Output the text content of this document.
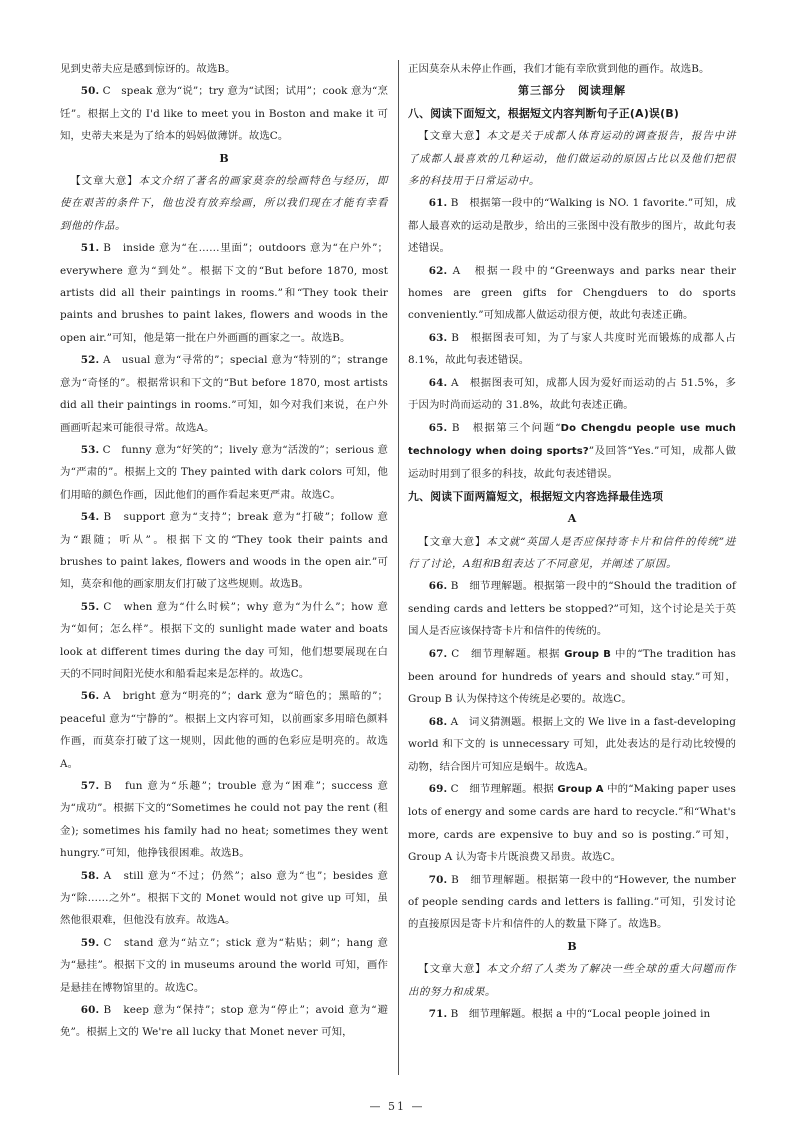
见到史蒂夫应是感到惊讶的。故选B。

50. C　speak 意为“说”；try 意为“试图；试用”；cook 意为“烹饪”。根据上文的 I'd like to meet you in Boston and make it 可知，史蒂夫来是为了给本的妈妈做薄饼。故选C。

B

【文章大意】本文介绍了著名的画家莫奈的绘画特色与经历，即使在艰苦的条件下，他也没有放弃绘画，所以我们现在才能有幸看到他的作品。

51. B　inside 意为“在……里面”；outdoors 意为“在户外”；everywhere 意为“到处”。根据下文的“But before 1870, most artists did all their paintings in rooms.”和“They took their paints and brushes to paint lakes, flowers and woods in the open air.”可知，他是第一批在户外画画的画家之一。故选B。

52. A　usual 意为“寻常的”；special 意为“特别的”；strange 意为“奇怪的”。根据常识和下文的“But before 1870, most artists did all their paintings in rooms.”可知，如今对我们来说，在户外画画听起来可能很寻常。故选A。

53. C　funny 意为“好笑的”；lively 意为“活泼的”；serious 意为“严肃的”。根据上文的 They painted with dark colors 可知，他们用暗的颜色作画，因此他们的画作看起来更严肃。故选C。

54. B　support 意为“支持”；break 意为“打破”；follow 意为“跟随；听从”。根据下文的“They took their paints and brushes to paint lakes, flowers and woods in the open air.”可知，莫奈和他的画家朋友们打破了这些规则。故选B。

55. C　when 意为“什么时候”；why 意为“为什么”；how 意为“如何；怎么样”。根据下文的 sunlight made water and boats look at different times during the day 可知，他们想要展现在白天的不同时间阳光使水和船看起来是怎样的。故选C。

56. A　bright 意为“明亮的”；dark 意为“暗色的；黑暗的”；peaceful 意为“宁静的”。根据上文内容可知，以前画家多用暗色颜料作画，而莫奈打破了这一规则，因此他的画的色彩应是明亮的。故选A。

57. B　fun 意为“乐趣”；trouble 意为“困难”；success 意为“成功”。根据下文的“Sometimes he could not pay the rent (租金); sometimes his family had no heat; sometimes they went hungry.”可知，他挣钱很困难。故选B。

58. A　still 意为“不过；仍然”；also 意为“也”；besides 意为“除……之外”。根据下文的 Monet would not give up 可知，虽然他很艰难，但他没有放弃。故选A。

59. C　stand 意为“站立”；stick 意为“粘贴；刺”；hang 意为“悬挂”。根据下文的 in museums around the world 可知，画作是悬挂在博物馆里的。故选C。

60. B　keep 意为“保持”；stop 意为“停止”；avoid 意为“避免”。根据上文的 We're all lucky that Monet never 可知，

正因莫奈从未停止作画，我们才能有幸欣赏到他的画作。故选B。

第三部分　阅读理解

八、阅读下面短文，根据短文内容判断句子正(A)误(B)

【文章大意】本文是关于成都人体育运动的调查报告，报告中讲了成都人最喜欢的几种运动，他们做运动的原因占比以及他们把很多的科技用于日常运动中。

61. B　根据第一段中的“Walking is NO. 1 favorite.”可知，成都人最喜欢的运动是散步，给出的三张图中没有散步的图片，故此句表述错误。

62. A　根据一段中的“Greenways and parks near their homes are green gifts for Chengduers to do sports conveniently.”可知成都人做运动很方便，故此句表述正确。

63. B　根据图表可知，为了与家人共度时光而锻炼的成都人占 8.1%，故此句表述错误。

64. A　根据图表可知，成都人因为爱好而运动的占 51.5%，多于因为时尚而运动的 31.8%，故此句表述正确。

65. B　根据第三个问题“Do Chengdu people use much technology when doing sports?”及回答“Yes.”可知，成都人做运动时用到了很多的科技，故此句表述错误。

九、阅读下面两篇短文，根据短文内容选择最佳选项

A

【文章大意】本文就“英国人是否应保持寄卡片和信件的传统”进行了讨论，A组和B组表达了不同意见，并阐述了原因。

66. B　细节理解题。根据第一段中的“Should the tradition of sending cards and letters be stopped?”可知，这个讨论是关于英国人是否应该保持寄卡片和信件的传统的。

67. C　细节理解题。根据 Group B 中的“The tradition has been around for hundreds of years and should stay.”可知，Group B 认为保持这个传统是必要的。故选C。

68. A　词义猜测题。根据上文的 We live in a fast-developing world 和下文的 is unnecessary 可知，此处表达的是行动比较慢的动物，结合图片可知应是蜗牛。故选A。

69. C　细节理解题。根据 Group A 中的“Making paper uses lots of energy and some cards are hard to recycle.”和“What's more, cards are expensive to buy and so is posting.”可知，Group A 认为寄卡片既浪费又昂贵。故选C。

70. B　细节理解题。根据第一段中的“However, the number of people sending cards and letters is falling.”可知，引发讨论的直接原因是寄卡片和信件的人的数量下降了。故选B。

B

【文章大意】本文介绍了人类为了解决一些全球的重大问题而作出的努力和成果。

71. B　细节理解题。根据 a 中的“Local people joined in

— 51 —
